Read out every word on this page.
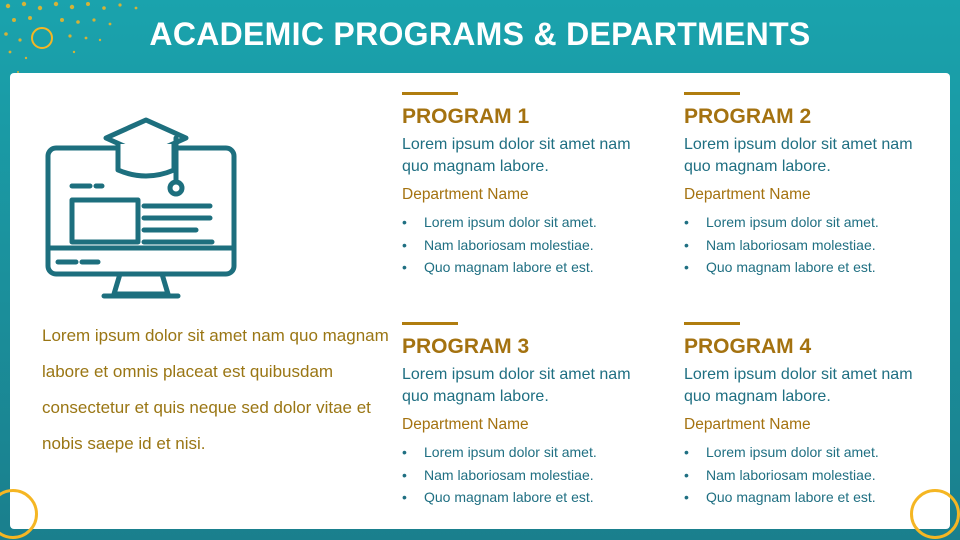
ACADEMIC PROGRAMS & DEPARTMENTS
Lorem ipsum dolor sit amet nam quo magnam labore et omnis placeat est quibusdam consectetur et quis neque sed dolor vitae et nobis saepe id et nisi.
PROGRAM 1
Lorem ipsum dolor sit amet nam quo magnam labore.
Department Name
• Lorem ipsum dolor sit amet.
• Nam laboriosam molestiae.
• Quo magnam labore et est.
PROGRAM 2
Lorem ipsum dolor sit amet nam quo magnam labore.
Department Name
• Lorem ipsum dolor sit amet.
• Nam laboriosam molestiae.
• Quo magnam labore et est.
PROGRAM 3
Lorem ipsum dolor sit amet nam quo magnam labore.
Department Name
• Lorem ipsum dolor sit amet.
• Nam laboriosam molestiae.
• Quo magnam labore et est.
PROGRAM 4
Lorem ipsum dolor sit amet nam quo magnam labore.
Department Name
• Lorem ipsum dolor sit amet.
• Nam laboriosam molestiae.
• Quo magnam labore et est.
